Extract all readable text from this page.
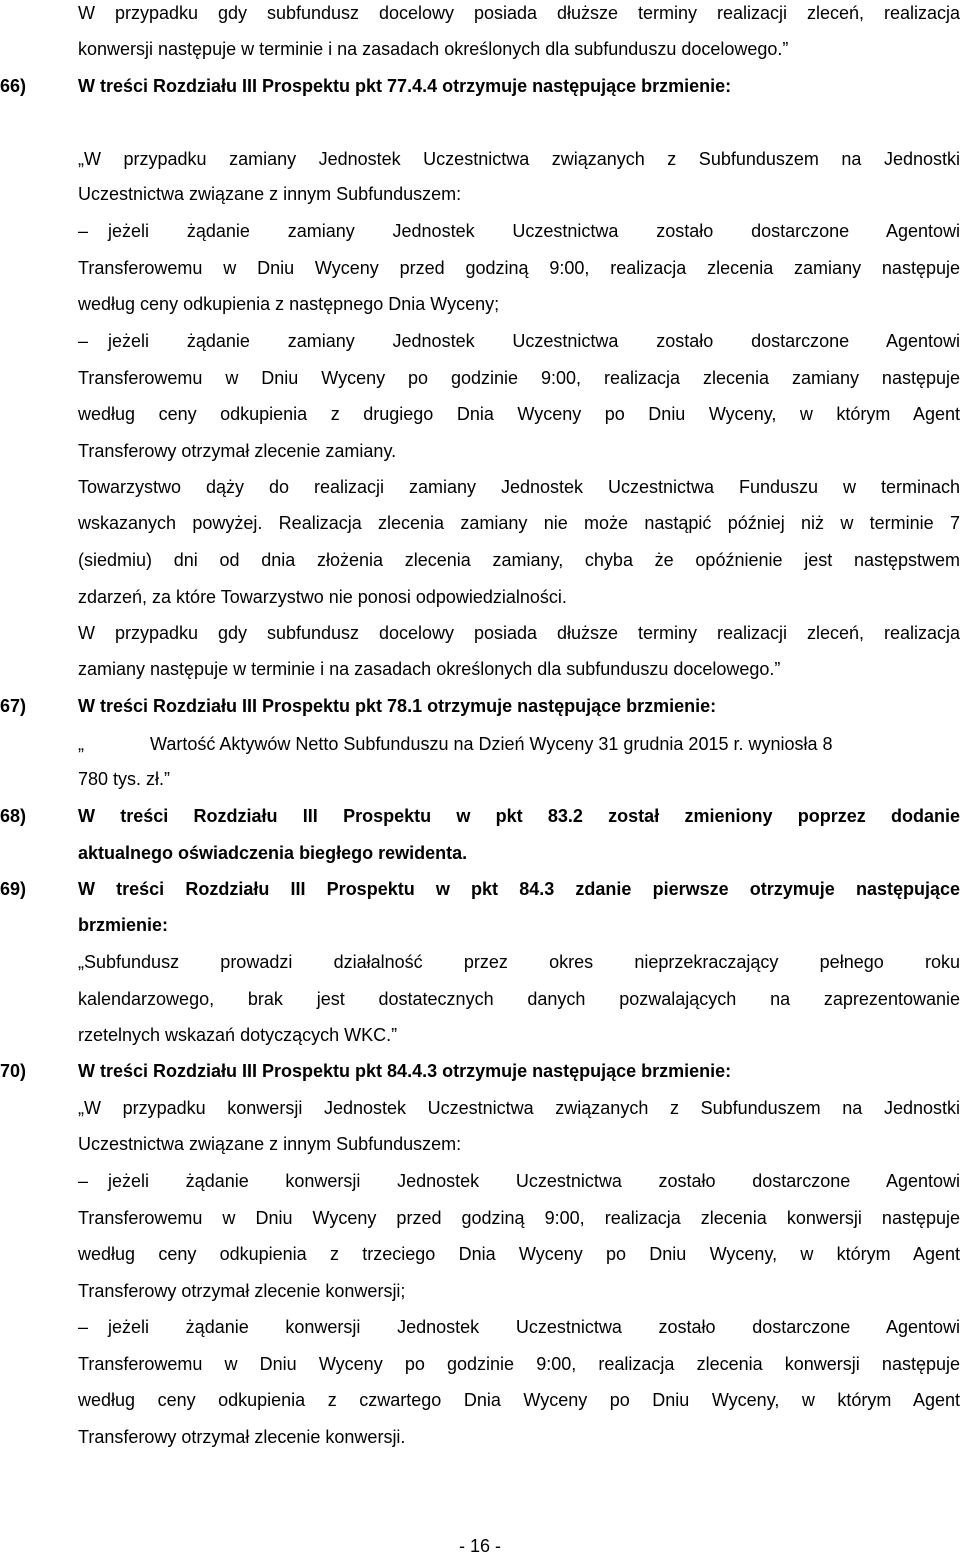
W przypadku gdy subfundusz docelowy posiada dłuższe terminy realizacji zleceń, realizacja
konwersji następuje w terminie i na zasadach określonych dla subfunduszu docelowego.”
66)	W treści Rozdziału III Prospektu pkt 77.4.4 otrzymuje następujące brzmienie:
„W przypadku zamiany Jednostek Uczestnictwa związanych z Subfunduszem na Jednostki
Uczestnictwa związane z innym Subfunduszem:
– jeżeli żądanie zamiany Jednostek Uczestnictwa zostało dostarczone Agentowi
Transferowemu w Dniu Wyceny przed godziną 9:00, realizacja zlecenia zamiany następuje
według ceny odkupienia z następnego Dnia Wyceny;
– jeżeli żądanie zamiany Jednostek Uczestnictwa zostało dostarczone Agentowi
Transferowemu w Dniu Wyceny po godzinie 9:00, realizacja zlecenia zamiany następuje
według ceny odkupienia z drugiego Dnia Wyceny po Dniu Wyceny, w którym Agent
Transferowy otrzymał zlecenie zamiany.
Towarzystwo dąży do realizacji zamiany Jednostek Uczestnictwa Funduszu w terminach
wskazanych powyżej. Realizacja zlecenia zamiany nie może nastąpić później niż w terminie 7
(siedmiu) dni od dnia złożenia zlecenia zamiany, chyba że opóźnienie jest następstwem
zdarzeń, za które Towarzystwo nie ponosi odpowiedzialności.
W przypadku gdy subfundusz docelowy posiada dłuższe terminy realizacji zleceń, realizacja
zamiany następuje w terminie i na zasadach określonych dla subfunduszu docelowego.”
67)	W treści Rozdziału III Prospektu pkt 78.1 otrzymuje następujące brzmienie:
„	Wartość Aktywów Netto Subfunduszu na Dzień Wyceny 31 grudnia 2015 r. wyniosła 8
780 tys. zł.”
68)	W treści Rozdziału III Prospektu w pkt 83.2 został zmieniony poprzez dodanie
aktualnego oświadczenia biegłego rewidenta.
69)	W treści Rozdziału III Prospektu w pkt 84.3 zdanie pierwsze otrzymuje następujące
brzmienie:
„Subfundusz prowadzi działalność przez okres nieprzekraczający pełnego roku
kalendarzowego, brak jest dostatecznych danych pozwalających na zaprezentowanie
rzetelnych wskazań dotyczących WKC.”
70)	W treści Rozdziału III Prospektu pkt 84.4.3 otrzymuje następujące brzmienie:
„W przypadku konwersji Jednostek Uczestnictwa związanych z Subfunduszem na Jednostki
Uczestnictwa związane z innym Subfunduszem:
– jeżeli żądanie konwersji Jednostek Uczestnictwa zostało dostarczone Agentowi
Transferowemu w Dniu Wyceny przed godziną 9:00, realizacja zlecenia konwersji następuje
według ceny odkupienia z trzeciego Dnia Wyceny po Dniu Wyceny, w którym Agent
Transferowy otrzymał zlecenie konwersji;
– jeżeli żądanie konwersji Jednostek Uczestnictwa zostało dostarczone Agentowi
Transferowemu w Dniu Wyceny po godzinie 9:00, realizacja zlecenia konwersji następuje
według ceny odkupienia z czwartego Dnia Wyceny po Dniu Wyceny, w którym Agent
Transferowy otrzymał zlecenie konwersji.
- 16 -
